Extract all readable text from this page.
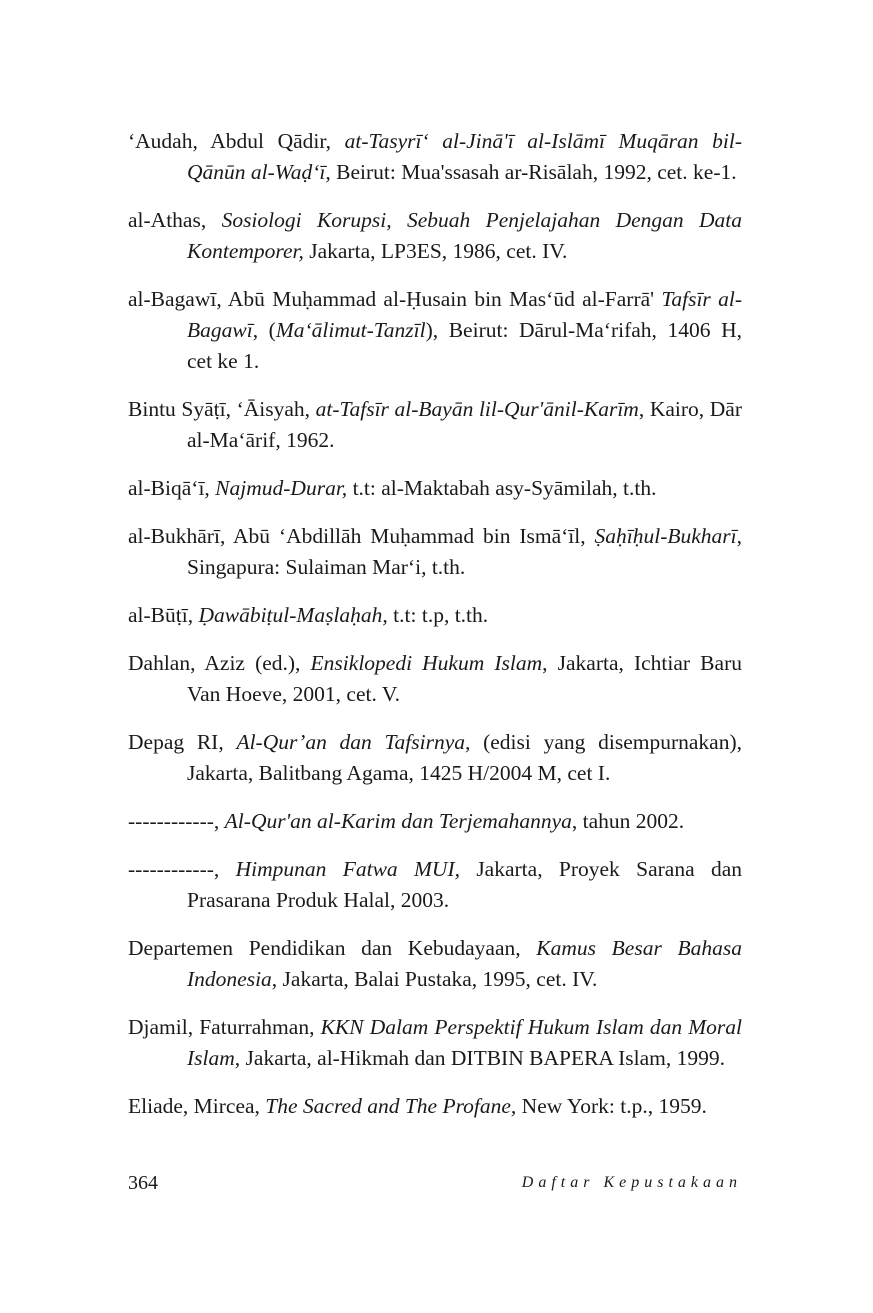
‘Audah, Abdul Qādir, at-Tasyrī‘ al-Jinā'ī al-Islāmī Muqāran bil-Qānūn al-Waḍ‘ī, Beirut: Mua'ssasah ar-Risālah, 1992, cet. ke-1.

al-Athas, Sosiologi Korupsi, Sebuah Penjelajahan Dengan Data Kontemporer, Jakarta, LP3ES, 1986, cet. IV.

al-Bagawī, Abū Muḥammad al-Ḥusain bin Mas‘ūd al-Farrā' Tafsīr al-Bagawī, (Ma‘ālimut-Tanzīl), Beirut: Dārul-Ma‘rifah, 1406 H, cet ke 1.

Bintu Syāṭī, ‘Āisyah, at-Tafsīr al-Bayān lil-Qur'ānil-Karīm, Kairo, Dār al-Ma‘ārif, 1962.

al-Biqā‘ī, Najmud-Durar, t.t: al-Maktabah asy-Syāmilah, t.th.

al-Bukhārī, Abū ‘Abdillāh Muḥammad bin Ismā‘īl, Ṣaḥīḥul-Bukharī, Singapura: Sulaiman Mar‘i, t.th.

al-Būṭī, Ḍawābiṭul-Maṣlaḥah, t.t: t.p, t.th.

Dahlan, Aziz (ed.), Ensiklopedi Hukum Islam, Jakarta, Ichtiar Baru Van Hoeve, 2001, cet. V.

Depag RI, Al-Qur’an dan Tafsirnya, (edisi yang disempurnakan), Jakarta, Balitbang Agama, 1425 H/2004 M, cet I.

------------, Al-Qur'an al-Karim dan Terjemahannya, tahun 2002.

------------, Himpunan Fatwa MUI, Jakarta, Proyek Sarana dan Prasarana Produk Halal, 2003.

Departemen Pendidikan dan Kebudayaan, Kamus Besar Bahasa Indonesia, Jakarta, Balai Pustaka, 1995, cet. IV.

Djamil, Faturrahman, KKN Dalam Perspektif Hukum Islam dan Moral Islam, Jakarta, al-Hikmah dan DITBIN BAPERA Islam, 1999.

Eliade, Mircea, The Sacred and The Profane, New York: t.p., 1959.

364	Daftar Kepustakaan
